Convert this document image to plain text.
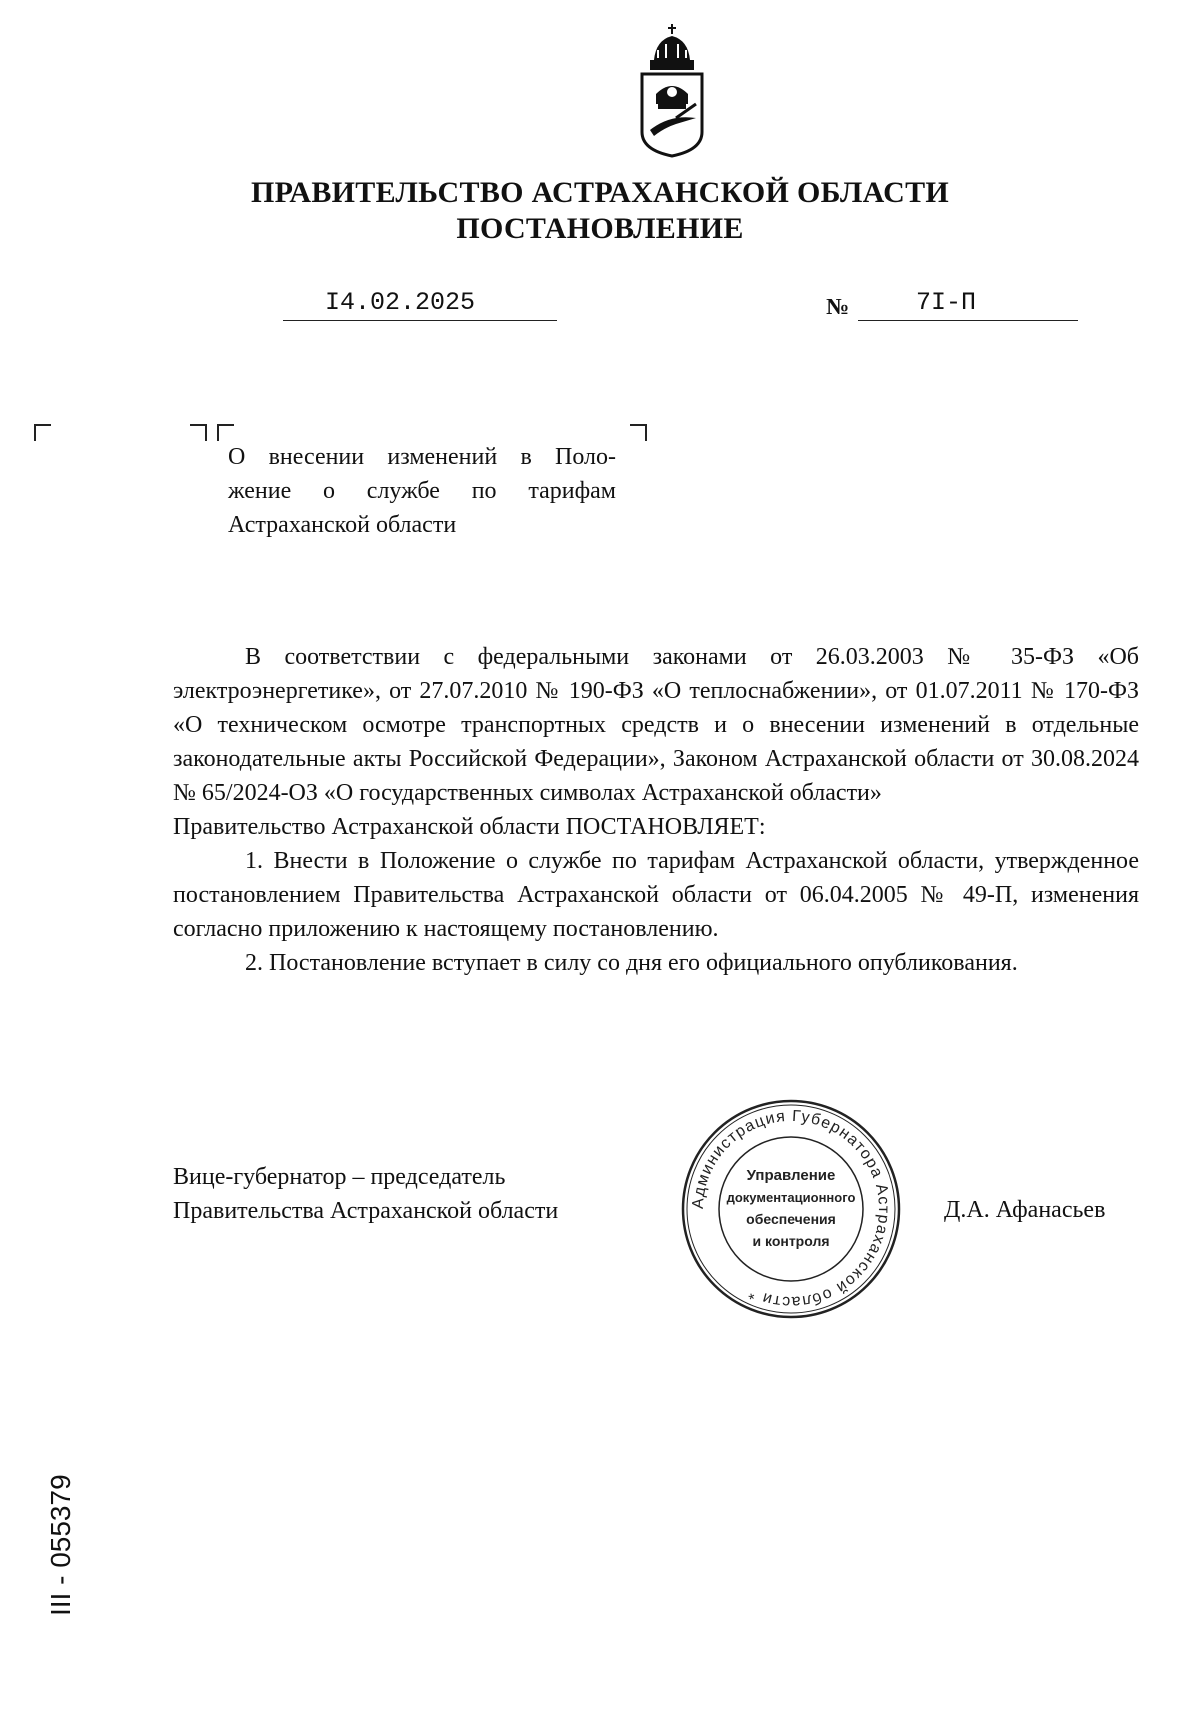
ПРАВИТЕЛЬСТВО АСТРАХАНСКОЙ ОБЛАСТИ
ПОСТАНОВЛЕНИЕ
I4.02.2025	№	7I-П
О внесении изменений в Поло-
жение о службе по тарифам
Астраханской области
В соответствии с федеральными законами от 26.03.2003 № 35-ФЗ «Об электроэнергетике», от 27.07.2010 № 190-ФЗ «О теплоснабжении», от 01.07.2011 № 170-ФЗ «О техническом осмотре транспортных средств и о внесении изменений в отдельные законодательные акты Российской Федерации», Законом Астраханской области от 30.08.2024 № 65/2024-ОЗ «О государственных символах Астраханской области»
Правительство Астраханской области ПОСТАНОВЛЯЕТ:
1. Внести в Положение о службе по тарифам Астраханской области, утвержденное постановлением Правительства Астраханской области от 06.04.2005 № 49-П, изменения согласно приложению к настоящему постановлению.
2. Постановление вступает в силу со дня его официального опубликования.
Вице-губернатор – председатель
Правительства Астраханской области	Д.А. Афанасьев
Администрация Губернатора Астраханской области *
Управление
документационного
обеспечения
и контроля
III - 055379
